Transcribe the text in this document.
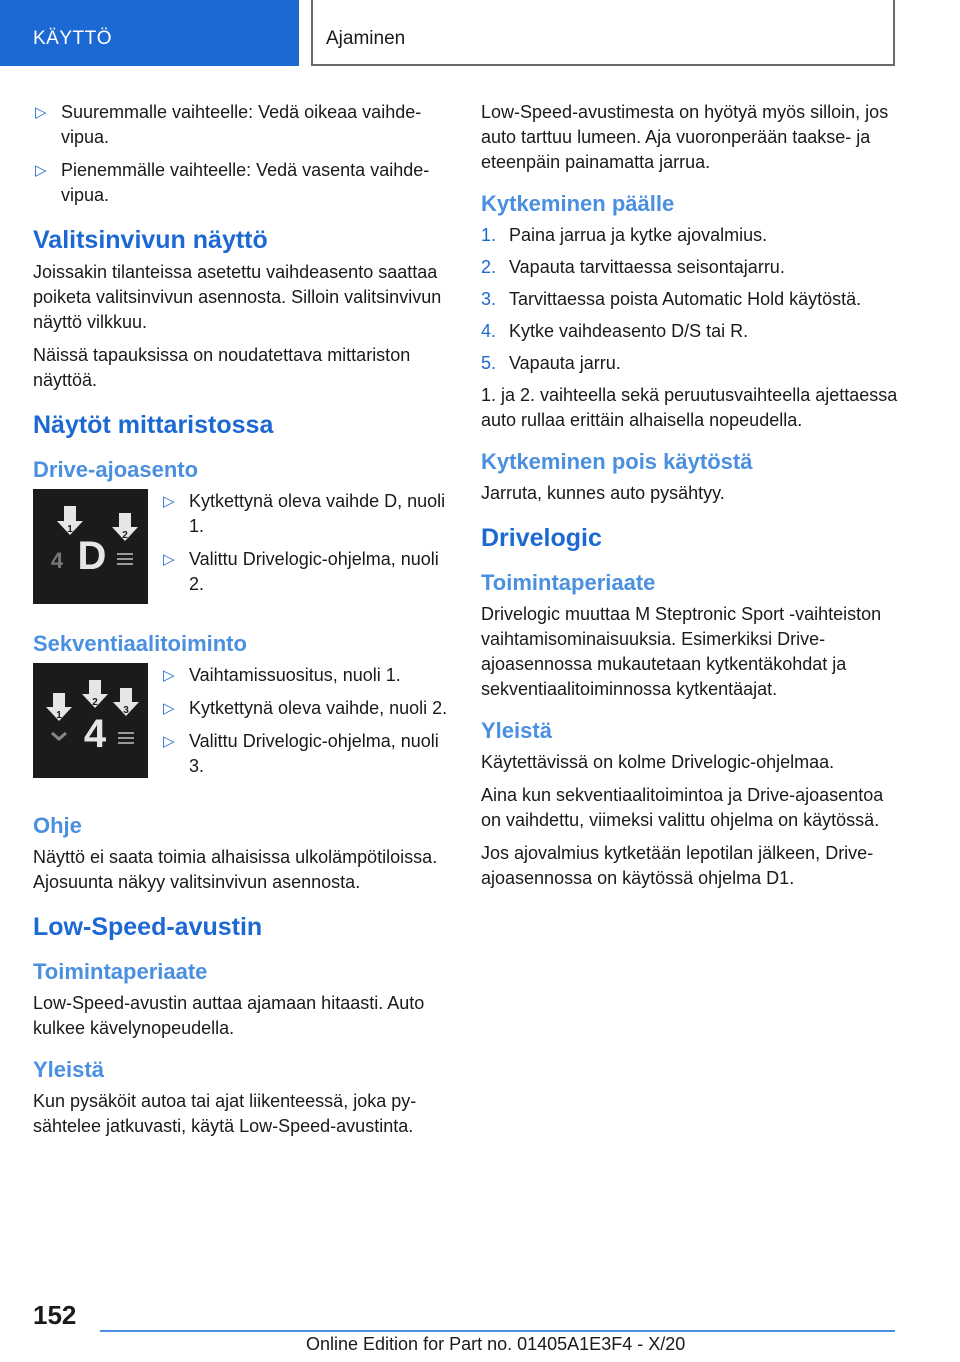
KÄYTTÖ	Ajaminen
▷ Suuremmalle vaihteelle: Vedä oikeaa vaihdevipua.
▷ Pienemmälle vaihteelle: Vedä vasenta vaihdevipua.
Valitsinvivun näyttö

Joissakin tilanteissa asetettu vaihdeasento saattaa poiketa valitsinvivun asennosta. Silloin valitsinvivun näyttö vilkkuu.

Näissä tapauksissa on noudatettava mittariston näyttöä.

Näytöt mittaristossa
Drive-ajoasento
1
2
4 D
▷ Kytkettynä oleva vaihde D, nuoli 1.
▷ Valittu Drivelogic-ohjelma, nuoli 2.
Sekventiaalitoiminto
1
2
3
4
▷ Vaihtamissuositus, nuoli 1.
▷ Kytkettynä oleva vaihde, nuoli 2.
▷ Valittu Drivelogic-ohjelma, nuoli 3.
Ohje

Näyttö ei saata toimia alhaisissa ulkolämpötiloissa. Ajosuunta näkyy valitsinvivun asennosta.

Low-Speed-avustin
Toimintaperiaate

Low-Speed-avustin auttaa ajamaan hitaasti. Auto kulkee kävelynopeudella.

Yleistä

Kun pysäköit autoa tai ajat liikenteessä, joka pysähtelee jatkuvasti, käytä Low-Speed-avustinta.

Low-Speed-avustimesta on hyötyä myös silloin, jos auto tarttuu lumeen. Aja vuoronperään taakse- ja eteenpäin painamatta jarrua.

Kytkeminen päälle
1. Paina jarrua ja kytke ajovalmius.
2. Vapauta tarvittaessa seisontajarru.
3. Tarvittaessa poista Automatic Hold käytöstä.
4. Kytke vaihdeasento D/S tai R.
5. Vapauta jarru.

1. ja 2. vaihteella sekä peruutusvaihteella ajettaessa auto rullaa erittäin alhaisella nopeudella.

Kytkeminen pois käytöstä

Jarruta, kunnes auto pysähtyy.

Drivelogic
Toimintaperiaate

Drivelogic muuttaa M Steptronic Sport -vaihteiston vaihtamisominaisuuksia. Esimerkiksi Drive-ajoasennossa mukautetaan kytkentäkohdat ja sekventiaalitoiminnossa kytkentäajat.

Yleistä

Käytettävissä on kolme Drivelogic-ohjelmaa.

Aina kun sekventiaalitoimintoa ja Drive-ajoasentoa on vaihdettu, viimeksi valittu ohjelma on käytössä.

Jos ajovalmius kytketään lepotilan jälkeen, Drive-ajoasennossa on käytössä ohjelma D1.

152
Online Edition for Part no. 01405A1E3F4 - X/20
